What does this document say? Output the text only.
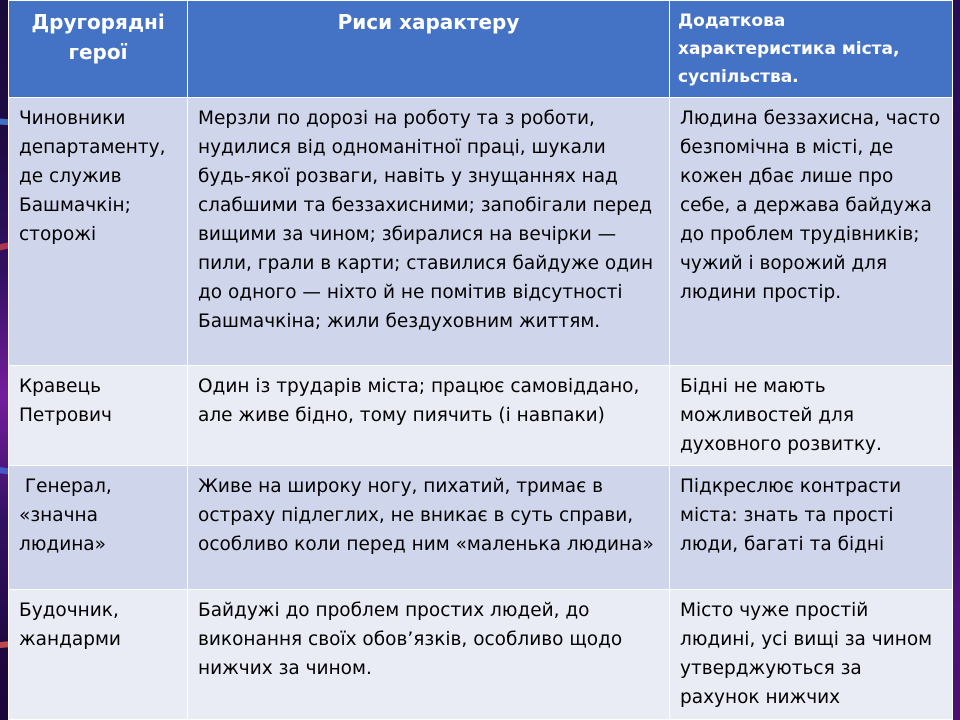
Другорядні герої	Риси характеру	Додаткова характеристика міста, суспільства.
Чиновники департаменту, де служив Башмачкін; сторожі	Мерзли по дорозі на роботу та з роботи, нудилися від одноманітної праці, шукали будь-якої розваги, навіть у знущаннях над слабшими та беззахисними; запобігали перед вищими за чином; збиралися на вечірки — пили, грали в карти; ставилися байдуже один до одного — ніхто й не помітив відсутності Башмачкіна; жили бездуховним життям.	Людина беззахисна, часто безпомічна в місті, де кожен дбає лише про себе, а держава байдужа до проблем трудівників; чужий і ворожий для людини простір.
Кравець Петрович	Один із трударів міста; працює самовіддано, але живе бідно, тому пиячить (і навпаки)	Бідні не мають можливостей для духовного розвитку.
Генерал, «значна людина»	Живе на широку ногу, пихатий, тримає в остраху підлеглих, не вникає в суть справи, особливо коли перед ним «маленька людина»	Підкреслює контрасти міста: знать та прості люди, багаті та бідні
Будочник, жандарми	Байдужі до проблем простих людей, до виконання своїх обов’язків, особливо щодо нижчих за чином.	Місто чуже простій людині, усі вищі за чином утверджуються за рахунок нижчих
